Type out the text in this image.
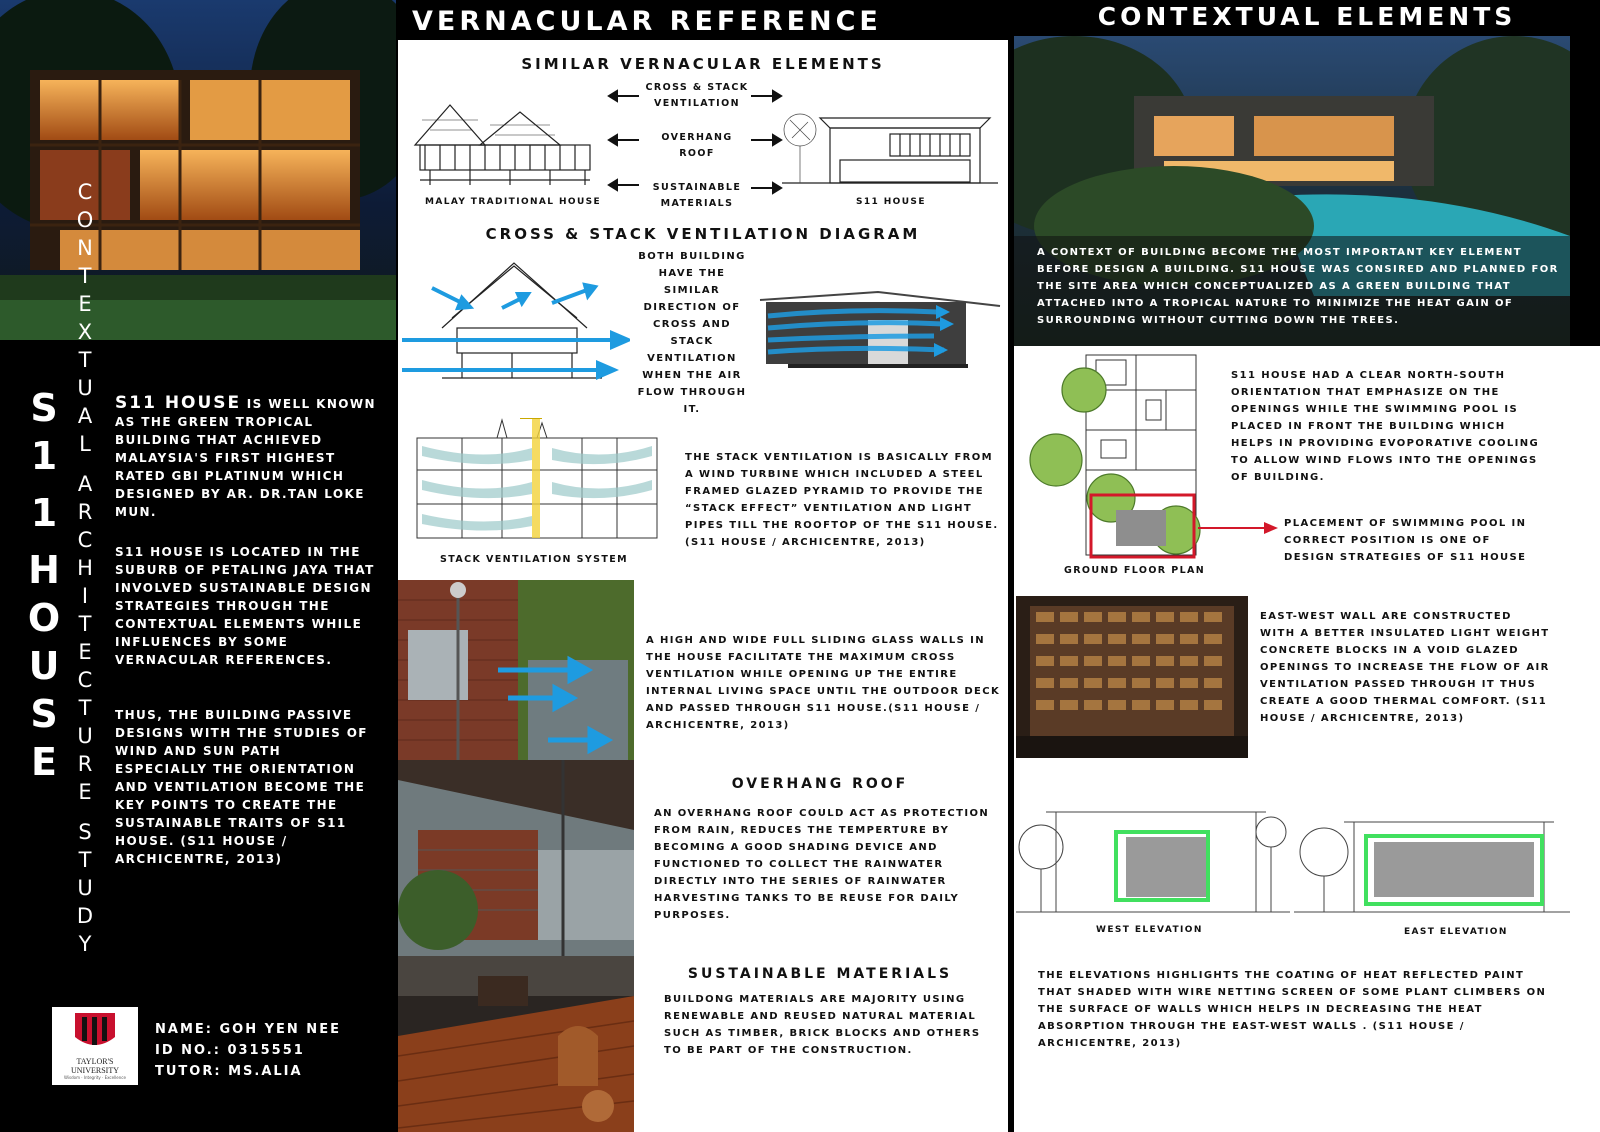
S
1
1
H
O
U
S
E
C
O
N
T
E
X
T
U
A
L
A
R
C
H
I
T
E
C
T
U
R
E
S
T
U
D
Y
S11 HOUSE IS WELL KNOWN AS THE GREEN TROPICAL BUILDING THAT ACHIEVED MALAYSIA'S FIRST HIGHEST RATED GBI PLATINUM WHICH DESIGNED BY AR. DR.TAN LOKE MUN.
S11 HOUSE IS LOCATED IN THE SUBURB OF PETALING JAYA THAT INVOLVED SUSTAINABLE DESIGN STRATEGIES THROUGH THE CONTEXTUAL ELEMENTS WHILE INFLUENCES BY SOME VERNACULAR REFERENCES.
THUS, THE BUILDING PASSIVE DESIGNS WITH THE STUDIES OF WIND AND SUN PATH ESPECIALLY THE ORIENTATION AND VENTILATION BECOME THE KEY POINTS TO CREATE THE SUSTAINABLE TRAITS OF S11 HOUSE. (S11 HOUSE / ARCHICENTRE, 2013)
TAYLOR'S UNIVERSITY
Wisdom · Integrity · Excellence
NAME: GOH YEN NEE
ID NO.: 0315551
TUTOR: MS.ALIA
VERNACULAR REFERENCE
SIMILAR VERNACULAR ELEMENTS
MALAY TRADITIONAL HOUSE
CROSS & STACK VENTILATION
OVERHANG ROOF
SUSTAINABLE MATERIALS	S11 HOUSE
CROSS & STACK VENTILATION DIAGRAM
BOTH BUILDING HAVE THE SIMILAR DIRECTION OF CROSS AND STACK VENTILATION WHEN THE AIR FLOW THROUGH IT.
STACK VENTILATION SYSTEM
THE STACK VENTILATION IS BASICALLY FROM A WIND TURBINE WHICH INCLUDED A STEEL FRAMED GLAZED PYRAMID TO PROVIDE THE “STACK EFFECT” VENTILATION AND LIGHT PIPES TILL THE ROOFTOP OF THE S11 HOUSE.(S11 HOUSE / ARCHICENTRE, 2013)
A HIGH AND WIDE FULL SLIDING GLASS WALLS IN THE HOUSE FACILITATE THE MAXIMUM CROSS VENTILATION WHILE OPENING UP THE ENTIRE INTERNAL LIVING SPACE UNTIL THE OUTDOOR DECK AND PASSED THROUGH S11 HOUSE.(S11 HOUSE / ARCHICENTRE, 2013)
OVERHANG ROOF
AN OVERHANG ROOF COULD ACT AS PROTECTION FROM RAIN, REDUCES THE TEMPERTURE BY BECOMING A GOOD SHADING DEVICE AND FUNCTIONED TO COLLECT THE RAINWATER DIRECTLY INTO THE SERIES OF RAINWATER HARVESTING TANKS TO BE REUSE FOR DAILY PURPOSES.
SUSTAINABLE MATERIALS
BUILDONG MATERIALS ARE MAJORITY USING RENEWABLE AND REUSED NATURAL MATERIAL SUCH AS TIMBER, BRICK BLOCKS AND OTHERS TO BE PART OF THE CONSTRUCTION.
CONTEXTUAL ELEMENTS
A CONTEXT OF BUILDING BECOME THE MOST IMPORTANT KEY ELEMENT BEFORE DESIGN A BUILDING. S11 HOUSE WAS CONSIRED AND PLANNED FOR THE SITE AREA WHICH CONCEPTUALIZED AS A GREEN BUILDING THAT ATTACHED INTO A TROPICAL NATURE TO MINIMIZE THE HEAT GAIN OF SURROUNDING WITHOUT CUTTING DOWN THE TREES.
GROUND FLOOR PLAN
S11 HOUSE HAD A CLEAR NORTH-SOUTH ORIENTATION THAT EMPHASIZE ON THE OPENINGS WHILE THE SWIMMING POOL IS PLACED IN FRONT THE BUILDING WHICH HELPS IN PROVIDING EVOPORATIVE COOLING TO ALLOW WIND FLOWS INTO THE OPENINGS OF BUILDING.
PLACEMENT OF SWIMMING POOL IN CORRECT POSITION IS ONE OF DESIGN STRATEGIES OF S11 HOUSE
EAST-WEST WALL ARE CONSTRUCTED WITH A BETTER INSULATED LIGHT WEIGHT CONCRETE BLOCKS IN A VOID GLAZED OPENINGS TO INCREASE THE FLOW OF AIR VENTILATION PASSED THROUGH IT THUS CREATE A GOOD THERMAL COMFORT. (S11 HOUSE / ARCHICENTRE, 2013)
WEST ELEVATION	EAST ELEVATION
THE ELEVATIONS HIGHLIGHTS THE COATING OF HEAT REFLECTED PAINT THAT SHADED WITH WIRE NETTING SCREEN OF SOME PLANT CLIMBERS ON THE SURFACE OF WALLS WHICH HELPS IN DECREASING THE HEAT ABSORPTION THROUGH THE EAST-WEST WALLS . (S11 HOUSE / ARCHICENTRE, 2013)
